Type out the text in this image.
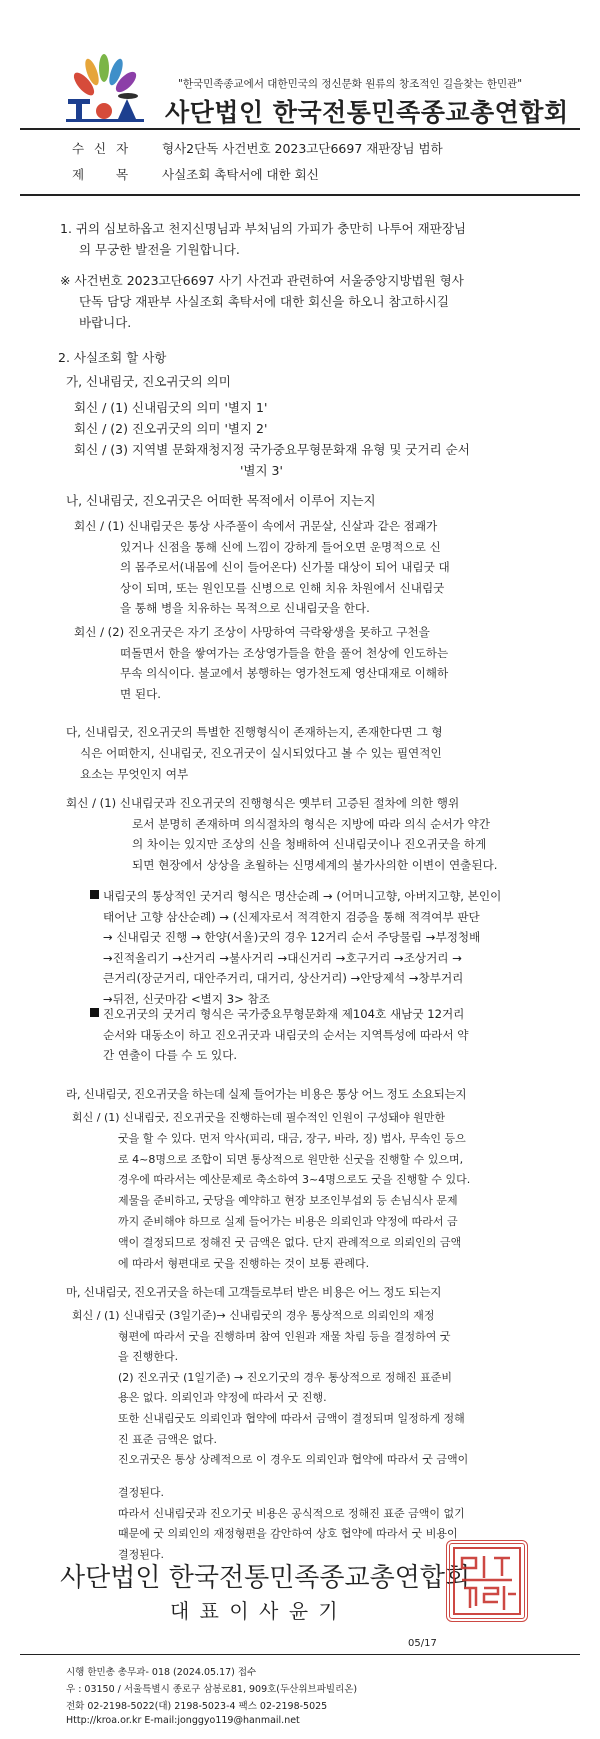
"한국민족종교에서 대한민국의 정신문화 원류의 창조적인 길을찾는 한민관"
사단법인 한국전통민족종교총연합회
수 신 자 형사2단독 사건번호 2023고단6697 재판장님 범하
제 목	사실조회 촉탁서에 대한 회신
1. 귀의 심보하옵고 천지신명님과 부처님의 가피가 충만히 나투어 재판장님
의 무궁한 발전을 기원합니다.
※ 사건번호 2023고단6697 사기 사건과 관련하여 서울중앙지방법원 형사
단독 담당 재판부 사실조회 촉탁서에 대한 회신을 하오니 참고하시길
바랍니다.
2. 사실조회 할 사항
가, 신내림굿, 진오귀굿의 의미
회신 / (1) 신내림굿의 의미 '별지 1'
회신 / (2) 진오귀굿의 의미 '별지 2'
회신 / (3) 지역별 문화재청지정 국가중요무형문화재 유형 및 굿거리 순서
'별지 3'
나, 신내림굿, 진오귀굿은 어떠한 목적에서 이루어 지는지
회신 / (1) 신내림굿은 통상 사주풀이 속에서 귀문살, 신살과 같은 점괘가
있거나 신점을 통해 신에 느낌이 강하게 들어오면 운명적으로 신
의 몸주로서(내몸에 신이 들어온다) 신가물 대상이 되어 내림굿 대
상이 되며, 또는 원인모를 신병으로 인해 치유 차원에서 신내림굿
을 통해 병을 치유하는 목적으로 신내림굿을 한다.
회신 / (2) 진오귀굿은 자기 조상이 사망하여 극락왕생을 못하고 구천을
떠돌면서 한을 쌓여가는 조상영가들을 한을 풀어 천상에 인도하는
무속 의식이다. 불교에서 봉행하는 영가천도제 영산대재로 이해하
면 된다.
다, 신내림굿, 진오귀굿의 특별한 진행형식이 존재하는지, 존재한다면 그 형
식은 어떠한지, 신내림굿, 진오귀굿이 실시되었다고 볼 수 있는 필연적인
요소는 무엇인지 여부
회신 / (1) 신내림굿과 진오귀굿의 진행형식은 옛부터 고증된 절차에 의한 행위
로서 분명히 존재하며 의식절차의 형식은 지방에 따라 의식 순서가 약간
의 차이는 있지만 조상의 신을 청배하여 신내림굿이나 진오귀굿을 하게
되면 현장에서 상상을 초월하는 신명세계의 불가사의한 이변이 연출된다.
내림굿의 통상적인 굿거리 형식은 명산순례 → (어머니고향, 아버지고향, 본인이
태어난 고향 삼산순례) → (신제자로서 적격한지 검증을 통해 적격여부 판단
→ 신내림굿 진행 → 한양(서울)굿의 경우 12거리 순서 주당물림 →부정청배
→진적올리기 →산거리 →불사거리 →대신거리 →호구거리 →조상거리 →
큰거리(장군거리, 대안주거리, 대거리, 상산거리) →안당제석 →창부거리
→뒤전, 신굿마감 <별지 3> 참조
진오귀굿의 굿거리 형식은 국가중요무형문화재 제104호 새남굿 12거리
순서와 대동소이 하고 진오귀굿과 내림굿의 순서는 지역특성에 따라서 약
간 연출이 다를 수 도 있다.
라, 신내림굿, 진오귀굿을 하는데 실제 들어가는 비용은 통상 어느 정도 소요되는지
회신 / (1) 신내림굿, 진오귀굿을 진행하는데 필수적인 인원이 구성돼야 원만한
굿을 할 수 있다. 먼저 악사(피리, 대금, 장구, 바라, 징) 법사, 무속인 등으
로 4~8명으로 조합이 되면 통상적으로 원만한 신굿을 진행할 수 있으며,
경우에 따라서는 예산문제로 축소하여 3~4명으로도 굿을 진행할 수 있다.
제물을 준비하고, 굿당을 예약하고 현장 보조인부섭외 등 손님식사 문제
까지 준비해야 하므로 실제 들어가는 비용은 의뢰인과 약정에 따라서 금
액이 결정되므로 정해진 굿 금액은 없다. 단지 관례적으로 의뢰인의 금액
에 따라서 형편대로 굿을 진행하는 것이 보통 관례다.
마, 신내림굿, 진오귀굿을 하는데 고객들로부터 받은 비용은 어느 정도 되는지
회신 / (1) 신내림굿 (3일기준)→ 신내림굿의 경우 통상적으로 의뢰인의 재정
형편에 따라서 굿을 진행하며 참여 인원과 재물 차림 등을 결정하여 굿
을 진행한다.
(2) 진오귀굿 (1일기준) → 진오기굿의 경우 통상적으로 정해진 표준비
용은 없다. 의뢰인과 약정에 따라서 굿 진행.
또한 신내림굿도 의뢰인과 협약에 따라서 금액이 결정되며 일정하게 정해
진 표준 금액은 없다.
진오귀굿은 통상 상례적으로 이 경우도 의뢰인과 협약에 따라서 굿 금액이
결정된다.
따라서 신내림굿과 진오기굿 비용은 공식적으로 정해진 표준 금액이 없기
때문에 굿 의뢰인의 재정형편을 감안하여 상호 협약에 따라서 굿 비용이
결정된다.
사단법인 한국전통민족종교총연합회
대 표 이 사 윤 기
05/17
시행 한민총 총무과- 018 (2024.05.17) 접수
우 : 03150 / 서울특별시 종로구 삼봉로81, 909호(두산위브파빌리온)
전화 02-2198-5022(대) 2198-5023-4 팩스 02-2198-5025
Http://kroa.or.kr E-mail:jonggyo119@hanmail.net
